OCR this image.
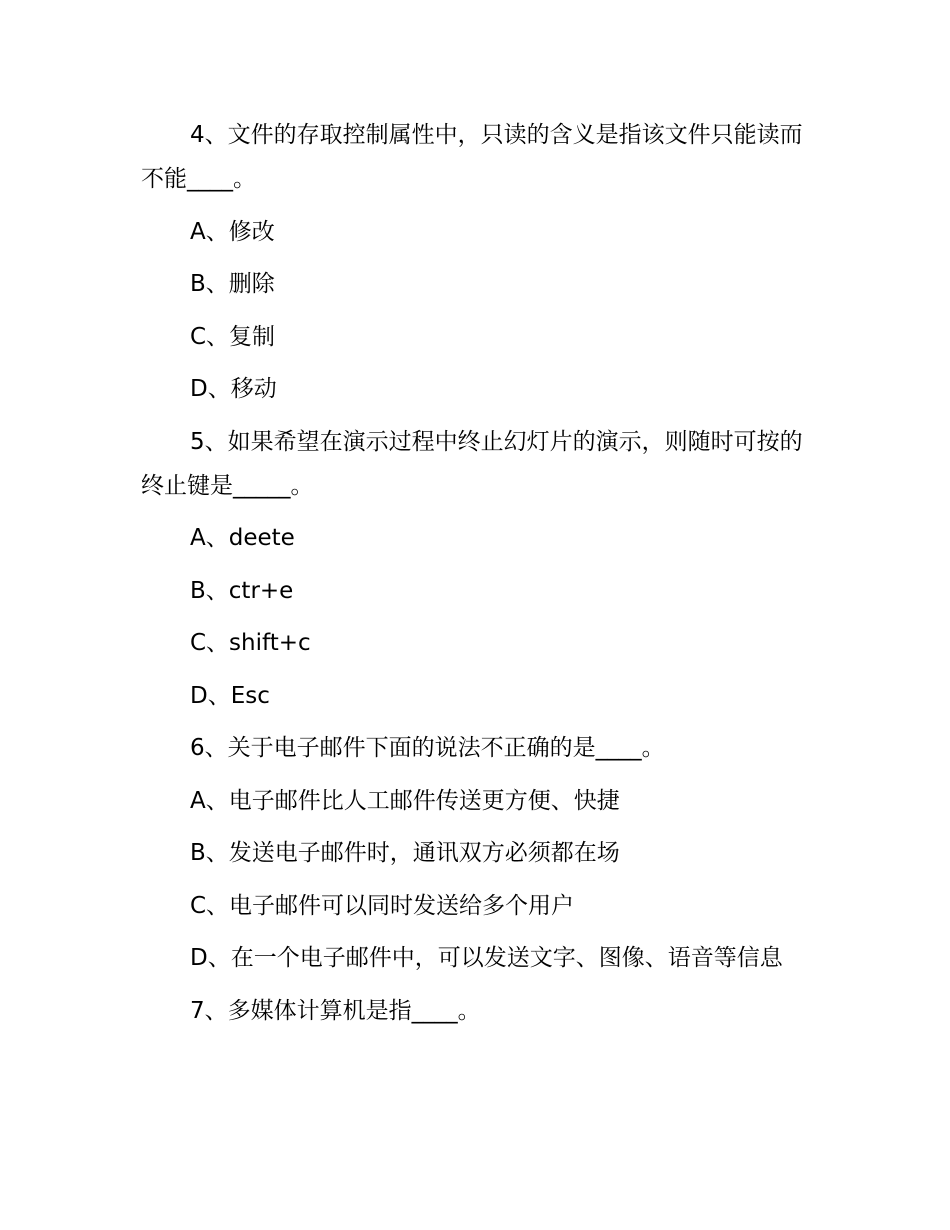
4、文件的存取控制属性中，只读的含义是指该文件只能读而不能____。

A、修改

B、删除

C、复制

D、移动

5、如果希望在演示过程中终止幻灯片的演示，则随时可按的终止键是_____。

A、deete

B、ctr+e

C、shift+c

D、Esc

6、关于电子邮件下面的说法不正确的是____。

A、电子邮件比人工邮件传送更方便、快捷

B、发送电子邮件时，通讯双方必须都在场

C、电子邮件可以同时发送给多个用户

D、在一个电子邮件中，可以发送文字、图像、语音等信息

7、多媒体计算机是指____。
